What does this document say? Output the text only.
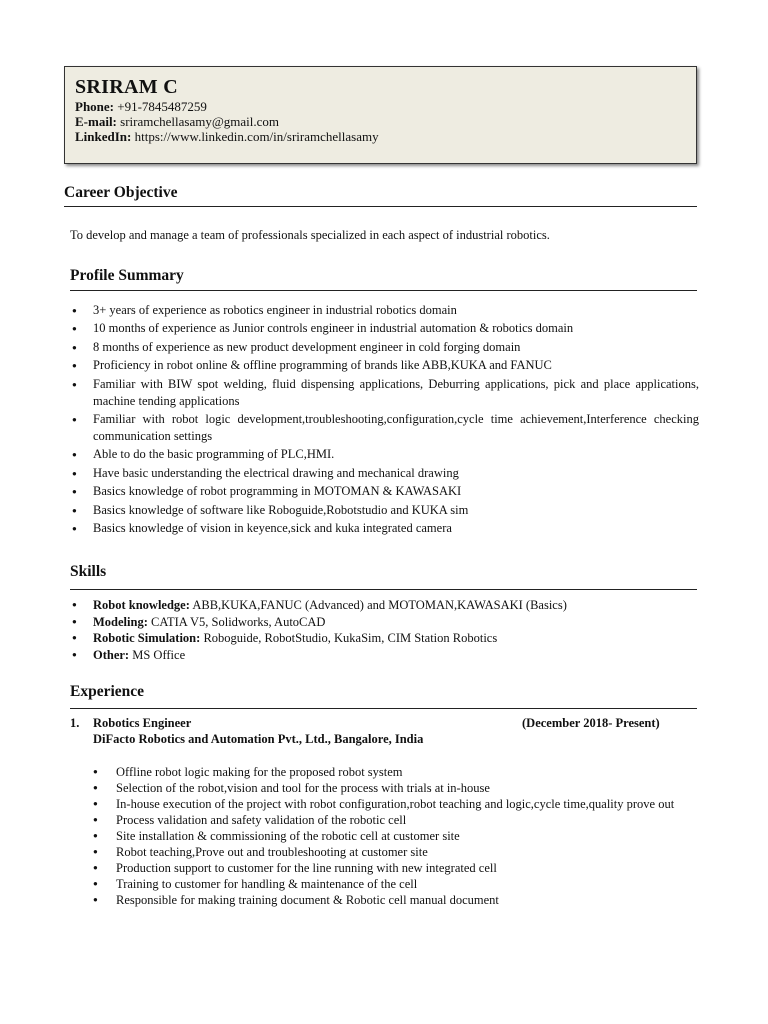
SRIRAM C
Phone: +91-7845487259
E-mail: sriramchellasamy@gmail.com
LinkedIn: https://www.linkedin.com/in/sriramchellasamy
Career Objective
To develop and manage a team of professionals specialized in each aspect of industrial robotics.
Profile Summary
● 3+ years of experience as robotics engineer in industrial robotics domain
● 10 months of experience as Junior controls engineer in industrial automation & robotics domain
● 8 months of experience as new product development engineer in cold forging domain
● Proficiency in robot online & offline programming of brands like ABB,KUKA and FANUC
● Familiar with BIW spot welding, fluid dispensing applications, Deburring applications, pick and place applications, machine tending applications
● Familiar with robot logic development,troubleshooting,configuration,cycle time achievement,Interference checking communication settings
● Able to do the basic programming of PLC,HMI.
● Have basic understanding the electrical drawing and mechanical drawing
● Basics knowledge of robot programming in MOTOMAN & KAWASAKI
● Basics knowledge of software like Roboguide,Robotstudio and KUKA sim
● Basics knowledge of vision in keyence,sick and kuka integrated camera
Skills
● Robot knowledge: ABB,KUKA,FANUC (Advanced) and MOTOMAN,KAWASAKI (Basics)
● Modeling: CATIA V5, Solidworks, AutoCAD
● Robotic Simulation: Roboguide, RobotStudio, KukaSim, CIM Station Robotics
● Other: MS Office
Experience
1. Robotics Engineer	(December 2018- Present)
DiFacto Robotics and Automation Pvt., Ltd., Bangalore, India
● Offline robot logic making for the proposed robot system
● Selection of the robot,vision and tool for the process with trials at in-house
● In-house execution of the project with robot configuration,robot teaching and logic,cycle time,quality prove out
● Process validation and safety validation of the robotic cell
● Site installation & commissioning of the robotic cell at customer site
● Robot teaching,Prove out and troubleshooting at customer site
● Production support to customer for the line running with new integrated cell
● Training to customer for handling & maintenance of the cell
● Responsible for making training document & Robotic cell manual document
